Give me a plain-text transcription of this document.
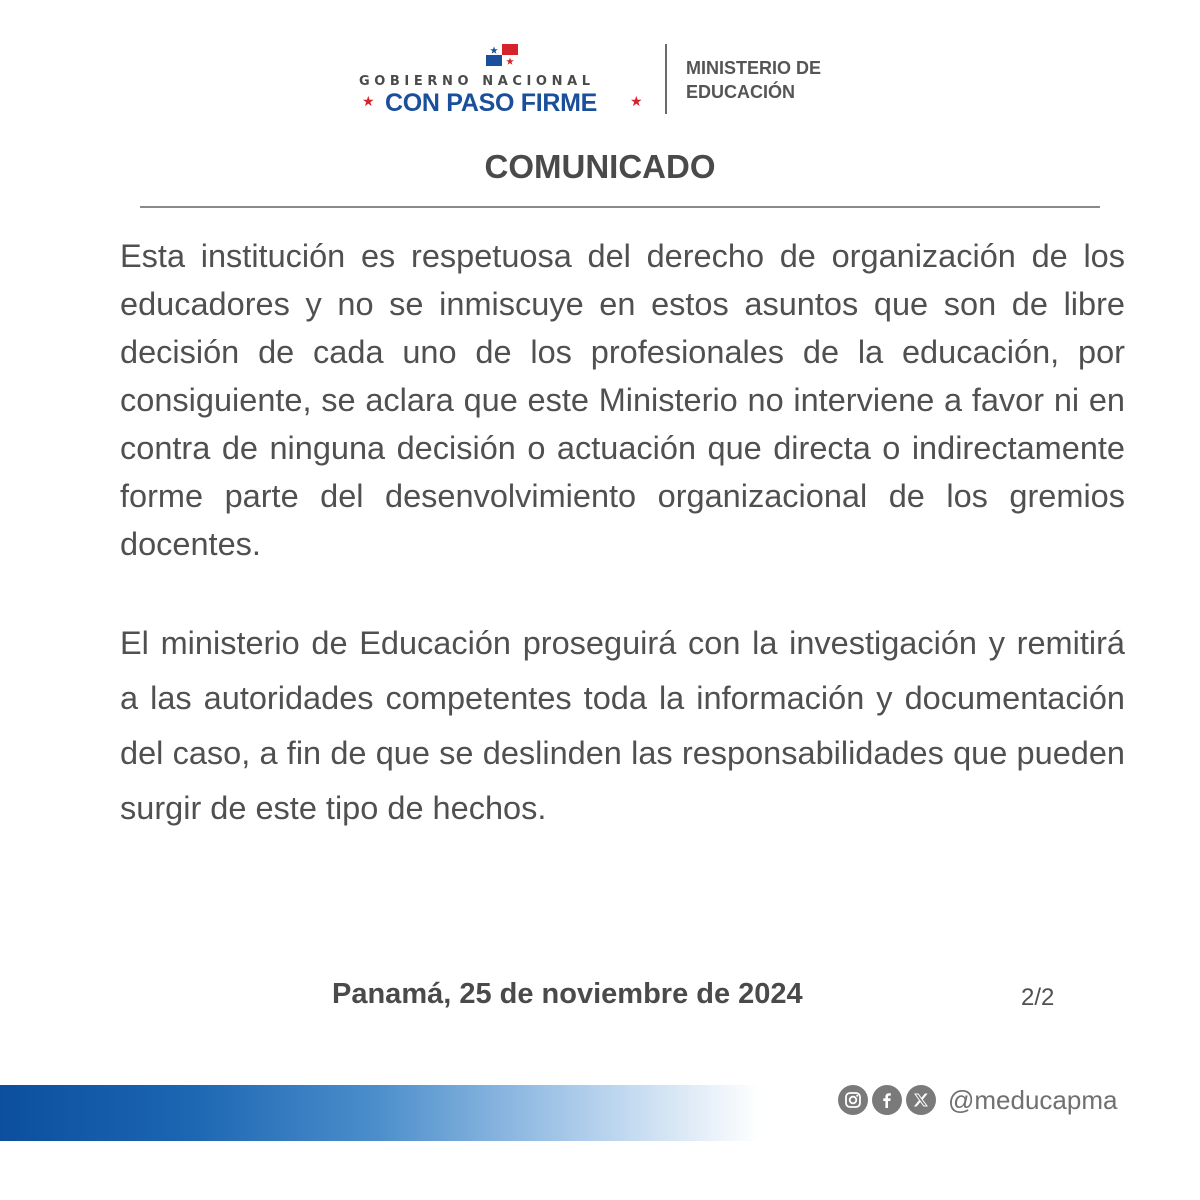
GOBIERNO NACIONAL
★ CON PASO FIRME ★
MINISTERIO DE
EDUCACIÓN
COMUNICADO

Esta institución es respetuosa del derecho de organización de los educadores y no se inmiscuye en estos asuntos que son de libre decisión de cada uno de los profesionales de la educación, por consiguiente, se aclara que este Ministerio no interviene a favor ni en contra de ninguna decisión o actuación que directa o indirectamente forme parte del desenvolvimiento organizacional de los gremios docentes.

El ministerio de Educación proseguirá con la investigación y remitirá a las autoridades competentes toda la información y documentación del caso, a fin de que se deslinden las responsabilidades que pueden surgir de este tipo de hechos.

Panamá, 25 de noviembre de 2024	2/2
@meducapma
